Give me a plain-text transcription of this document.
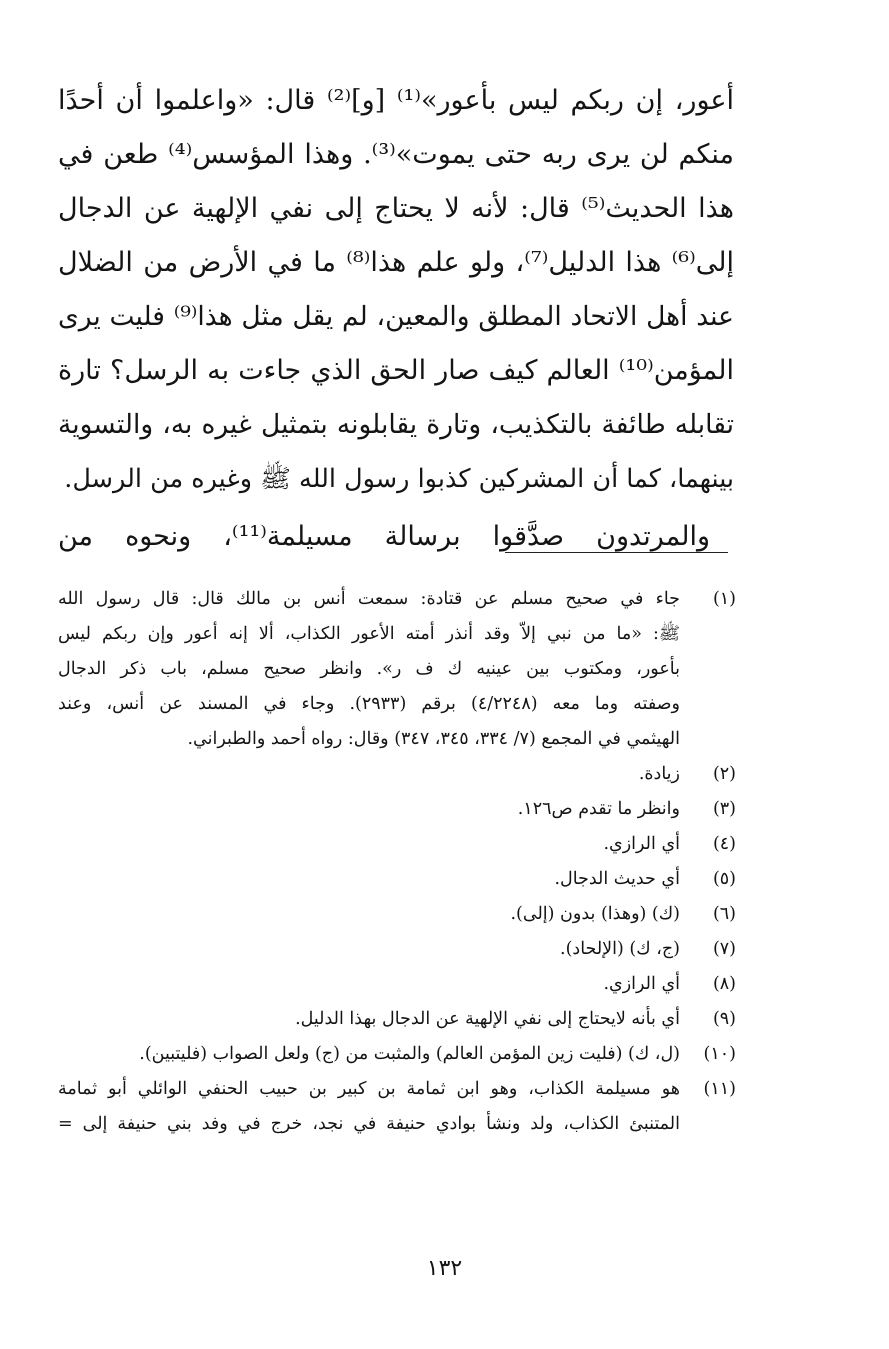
أعور، إن ربكم ليس بأعور»⁽¹⁾ [و]⁽²⁾ قال: «واعلموا أن أحدًا
منكم لن يرى ربه حتى يموت»⁽³⁾. وهذا المؤسس⁽⁴⁾ طعن في
هذا الحديث⁽⁵⁾ قال: لأنه لا يحتاج إلى نفي الإلهية عن الدجال
إلى⁽⁶⁾ هذا الدليل⁽⁷⁾، ولو علم هذا⁽⁸⁾ ما في الأرض من الضلال
عند أهل الاتحاد المطلق والمعين، لم يقل مثل هذا⁽⁹⁾ فليت يرى
المؤمن⁽¹⁰⁾ العالم كيف صار الحق الذي جاءت به الرسل؟ تارة
تقابله طائفة بالتكذيب، وتارة يقابلونه بتمثيل غيره به، والتسوية
بينهما، كما أن المشركين كذبوا رسول الله ﷺ وغيره من الرسل.
والمرتدون صدَّقوا برسالة مسيلمة⁽¹¹⁾، ونحوه من
(١)
جاء في صحيح مسلم عن قتادة: سمعت أنس بن مالك قال: قال رسول الله
ﷺ: «ما من نبي إلاّ وقد أنذر أمته الأعور الكذاب، ألا إنه أعور وإن ربكم ليس
بأعور، ومكتوب بين عينيه ك ف ر». وانظر صحيح مسلم، باب ذكر الدجال
وصفته وما معه (٤/٢٢٤٨) برقم (٢٩٣٣). وجاء في المسند عن أنس، وعند
الهيثمي في المجمع (٧/ ٣٣٤، ٣٤٥، ٣٤٧) وقال: رواه أحمد والطبراني.
(٢)
زيادة.
(٣)
وانظر ما تقدم ص١٢٦.
(٤)
أي الرازي.
(٥)
أي حديث الدجال.
(٦)
(ك) (وهذا) بدون (إلى).
(٧)
(ج، ك) (الإلحاد).
(٨)
أي الرازي.
(٩)
أي بأنه لايحتاج إلى نفي الإلهية عن الدجال بهذا الدليل.
(١٠)
(ل، ك) (فليت زين المؤمن العالم) والمثبت من (ج) ولعل الصواب (فليتبين).
(١١)
هو مسيلمة الكذاب، وهو ابن ثمامة بن كبير بن حبيب الحنفي الوائلي أبو ثمامة
المتنبئ الكذاب، ولد ونشأ بوادي حنيفة في نجد، خرج في وفد بني حنيفة إلى =
١٣٢
